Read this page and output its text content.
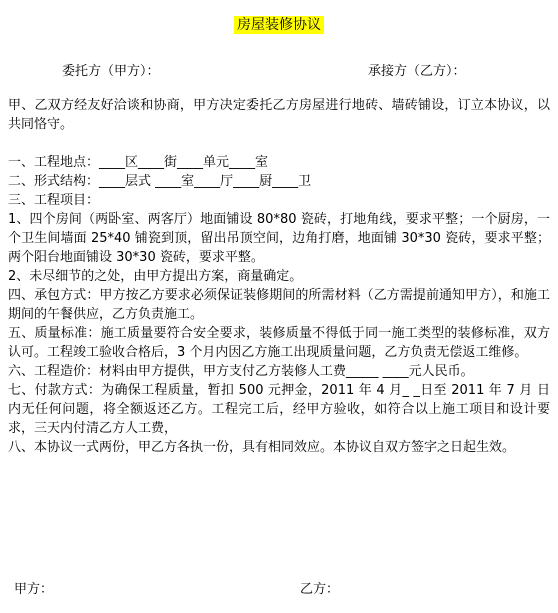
房屋装修协议
委托方（甲方）：	承接方（乙方）：

甲、乙双方经友好洽谈和协商，甲方决定委托乙方房屋进行地砖、墙砖铺设，订立本协议，以共同恪守。

一、工程地点：____区____街____单元____室

二、形式结构：____层式 ____室____厅____厨____卫

三、工程项目：

1、四个房间（两卧室、两客厅）地面铺设 80*80 瓷砖，打地角线，要求平整；一个厨房，一个卫生间墙面 25*40 铺瓷到顶，留出吊顶空间，边角打磨，地面铺 30*30 瓷砖，要求平整；两个阳台地面铺设 30*30 瓷砖，要求平整。

2、未尽细节的之处，由甲方提出方案，商量确定。

四、承包方式：甲方按乙方要求必须保证装修期间的所需材料（乙方需提前通知甲方），和施工期间的午餐供应，乙方负责施工。

五、质量标准：施工质量要符合安全要求，装修质量不得低于同一施工类型的装修标准，双方认可。工程竣工验收合格后，3 个月内因乙方施工出现质量问题，乙方负责无偿返工维修。

六、工程造价：材料由甲方提供，甲方支付乙方装修人工费_____ ____元人民币。

七、付款方式：为确保工程质量，暂扣 500 元押金，2011 年 4 月_ _日至 2011 年 7 月 日内无任何问题，将全额返还乙方。工程完工后，经甲方验收，如符合以上施工项目和设计要求，三天内付清乙方人工费，

八、本协议一式两份，甲乙方各执一份，具有相同效应。本协议自双方签字之日起生效。

甲方：	乙方：
